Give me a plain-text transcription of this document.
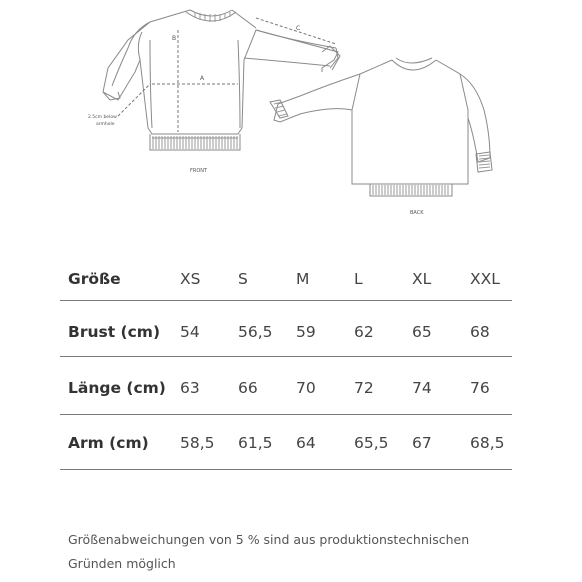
A
B
C
2.5cm below
armhole
FRONT
BACK
Größe	XS	S	M	L	XL	XXL
Brust (cm)	54	56,5	59	62	65	68
Länge (cm)	63	66	70	72	74	76
Arm (cm)	58,5	61,5	64	65,5	67	68,5
Größenabweichungen von 5 % sind aus produktionstechnischen Gründen möglich
